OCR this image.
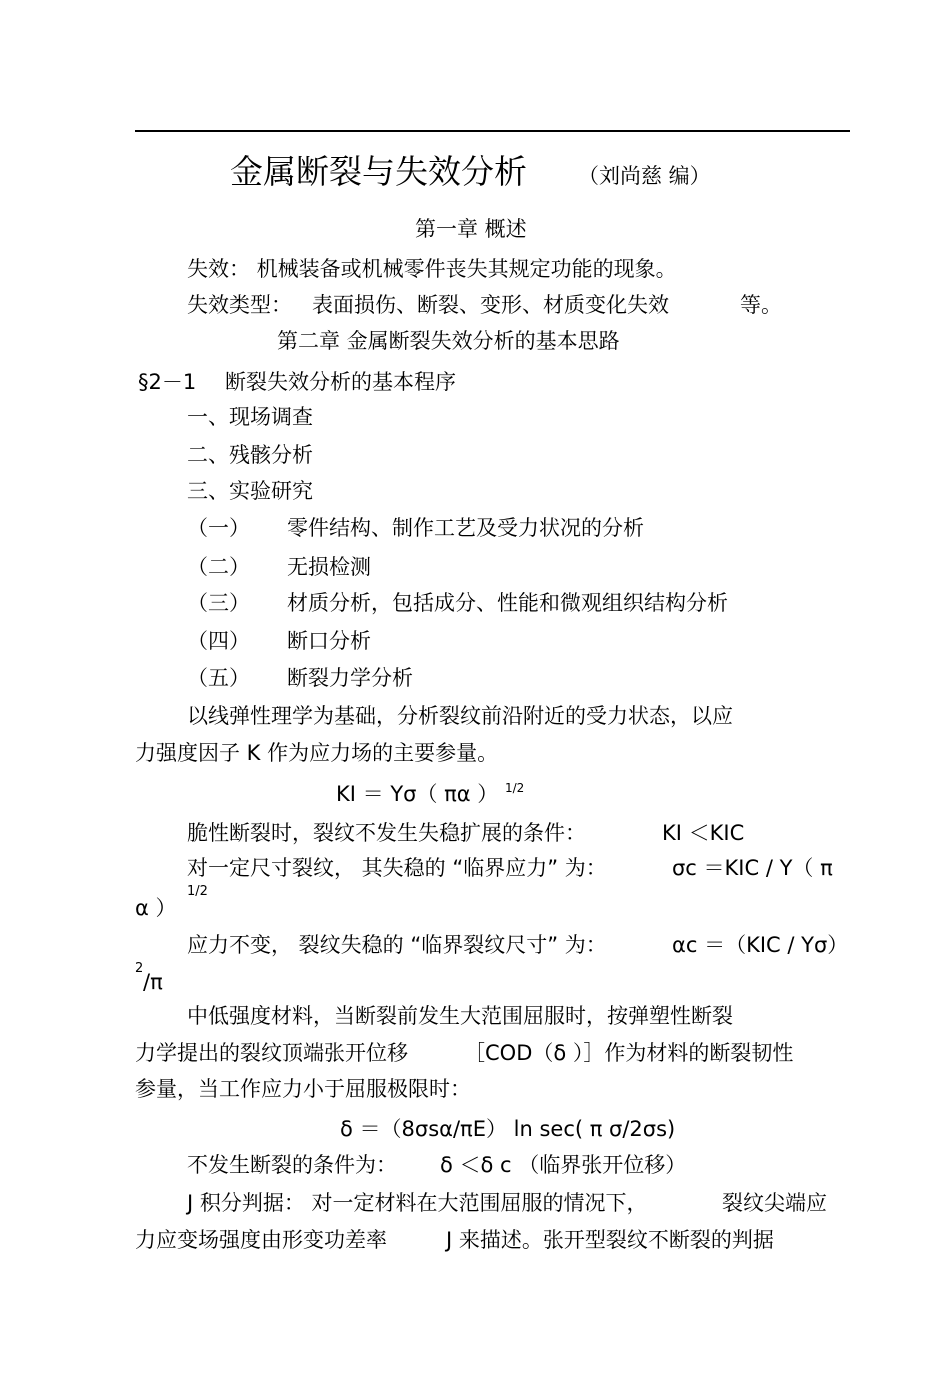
金属断裂与失效分析 （刘尚慈 编）
第一章 概述
失效： 机械装备或机械零件丧失其规定功能的现象。
失效类型： 表面损伤、断裂、变形、材质变化失效	等。
第二章 金属断裂失效分析的基本思路
§2－1 断裂失效分析的基本程序
一、现场调查
二、残骸分析
三、实验研究
（一） 零件结构、制作工艺及受力状况的分析
（二） 无损检测
（三） 材质分析，包括成分、性能和微观组织结构分析
（四） 断口分析
（五） 断裂力学分析
以线弹性理学为基础，分析裂纹前沿附近的受力状态，以应
力强度因子 K 作为应力场的主要参量。
KI ＝ Yσ（ πα ） $^{1/2}$
脆性断裂时，裂纹不发生失稳扩展的条件：	KI ＜KIC
对一定尺寸裂纹， 其失稳的 “临界应力” 为：	σc ＝KIC / Y（ π
1/2
α ）
应力不变， 裂纹失稳的 “临界裂纹尺寸” 为：	αc ＝（KIC / Yσ）
2
/π
中低强度材料，当断裂前发生大范围屈服时，按弹塑性断裂
力学提出的裂纹顶端张开位移	［COD（δ ）］作为材料的断裂韧性
参量，当工作应力小于屈服极限时：
δ ＝（8σsα/πE） ln sec( π σ/2σs)
不发生断裂的条件为： δ ＜δ c （临界张开位移）
J 积分判据： 对一定材料在大范围屈服的情况下，	裂纹尖端应
力应变场强度由形变功差率	J 来描述。张开型裂纹不断裂的判据
